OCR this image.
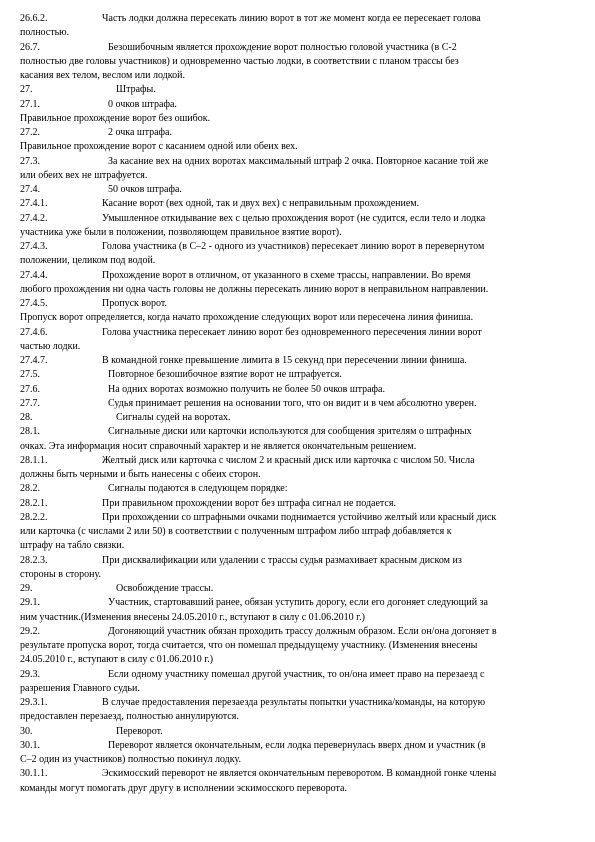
26.6.2.	Часть лодки должна пересекать линию ворот в тот же момент когда ее пересекает голова
полностью.
26.7.	Безошибочным является прохождение ворот полностью головой участника (в С-2
полностью две головы участников) и одновременно частью лодки, в соответствии с планом трассы без
касания вех телом, веслом или лодкой.
27.	Штрафы.
27.1.	0 очков штрафа.
Правильное прохождение ворот без ошибок.
27.2.	2 очка штрафа.
Правильное прохождение ворот с касанием одной или обеих вех.
27.3.	За касание вех на одних воротах максимальный штраф 2 очка. Повторное касание той же
или обеих вех не штрафуется.
27.4.	50 очков штрафа.
27.4.1.	Касание ворот (вех одной, так и двух вех) с неправильным прохождением.
27.4.2.	Умышленное откидывание вех с целью прохождения ворот (не судится, если тело и лодка
участника уже были в положении, позволяющем правильное взятие ворот).
27.4.3.	Голова участника (в С–2 - одного из участников) пересекает линию ворот в перевернутом
положении, целиком под водой.
27.4.4.	Прохождение ворот в отличном, от указанного в схеме трассы, направлении. Во время
любого прохождения ни одна часть головы не должны пересекать линию ворот в неправильном направлении.
27.4.5.	Пропуск ворот.
Пропуск ворот определяется, когда начато прохождение следующих ворот или пересечена линия финиша.
27.4.6.	Голова участника пересекает линию ворот без одновременного пересечения линии ворот
частью лодки.
27.4.7.	В командной гонке превышение лимита в 15 секунд при пересечении линии финиша.
27.5.	Повторное безошибочное взятие ворот не штрафуется.
27.6.	На одних воротах возможно получить не более 50 очков штрафа.
27.7.	Судья принимает решения на основании того, что он видит и в чем абсолютно уверен.
28.	Сигналы судей на воротах.
28.1.	Сигнальные диски или карточки используются для сообщения зрителям о штрафных
очках. Эта информация носит справочный характер и не является окончательным решением.
28.1.1.	Желтый диск или карточка с числом 2 и красный диск или карточка с числом 50. Числа
должны быть черными и быть нанесены с обеих сторон.
28.2.	Сигналы подаются в следующем порядке:
28.2.1.	При правильном прохождении ворот без штрафа сигнал не подается.
28.2.2.	При прохождении со штрафными очками поднимается устойчиво желтый или красный диск
или карточка (с числами 2 или 50) в соответствии с полученным штрафом либо штраф добавляется к
штрафу на табло связки.
28.2.3.	При дисквалификации или удалении с трассы судья размахивает красным диском из
стороны в сторону.
29.	Освобождение трассы.
29.1.	Участник, стартовавший ранее, обязан уступить дорогу, если его догоняет следующий за
ним участник.(Изменения внесены 24.05.2010 г., вступают в силу с 01.06.2010 г.)
29.2.	Догоняющий участник обязан проходить трассу должным образом. Если он/она догоняет в
результате пропуска ворот, тогда считается, что он помешал предыдущему участнику. (Изменения внесены
24.05.2010 г., вступают в силу с 01.06.2010 г.)
29.3.	Если одному участнику помешал другой участник, то он/она имеет право на перезаезд с
разрешения Главного судьи.
29.3.1.	В случае предоставления перезаезда результаты попытки участника/команды, на которую
предоставлен перезаезд, полностью аннулируются.
30.	Переворот.
30.1.	Переворот является окончательным, если лодка перевернулась вверх дном и участник (в
С–2 один из участников) полностью покинул лодку.
30.1.1.	Эскимосский переворот не является окончательным переворотом. В командной гонке члены
команды могут помогать друг другу в исполнении эскимосского переворота.
